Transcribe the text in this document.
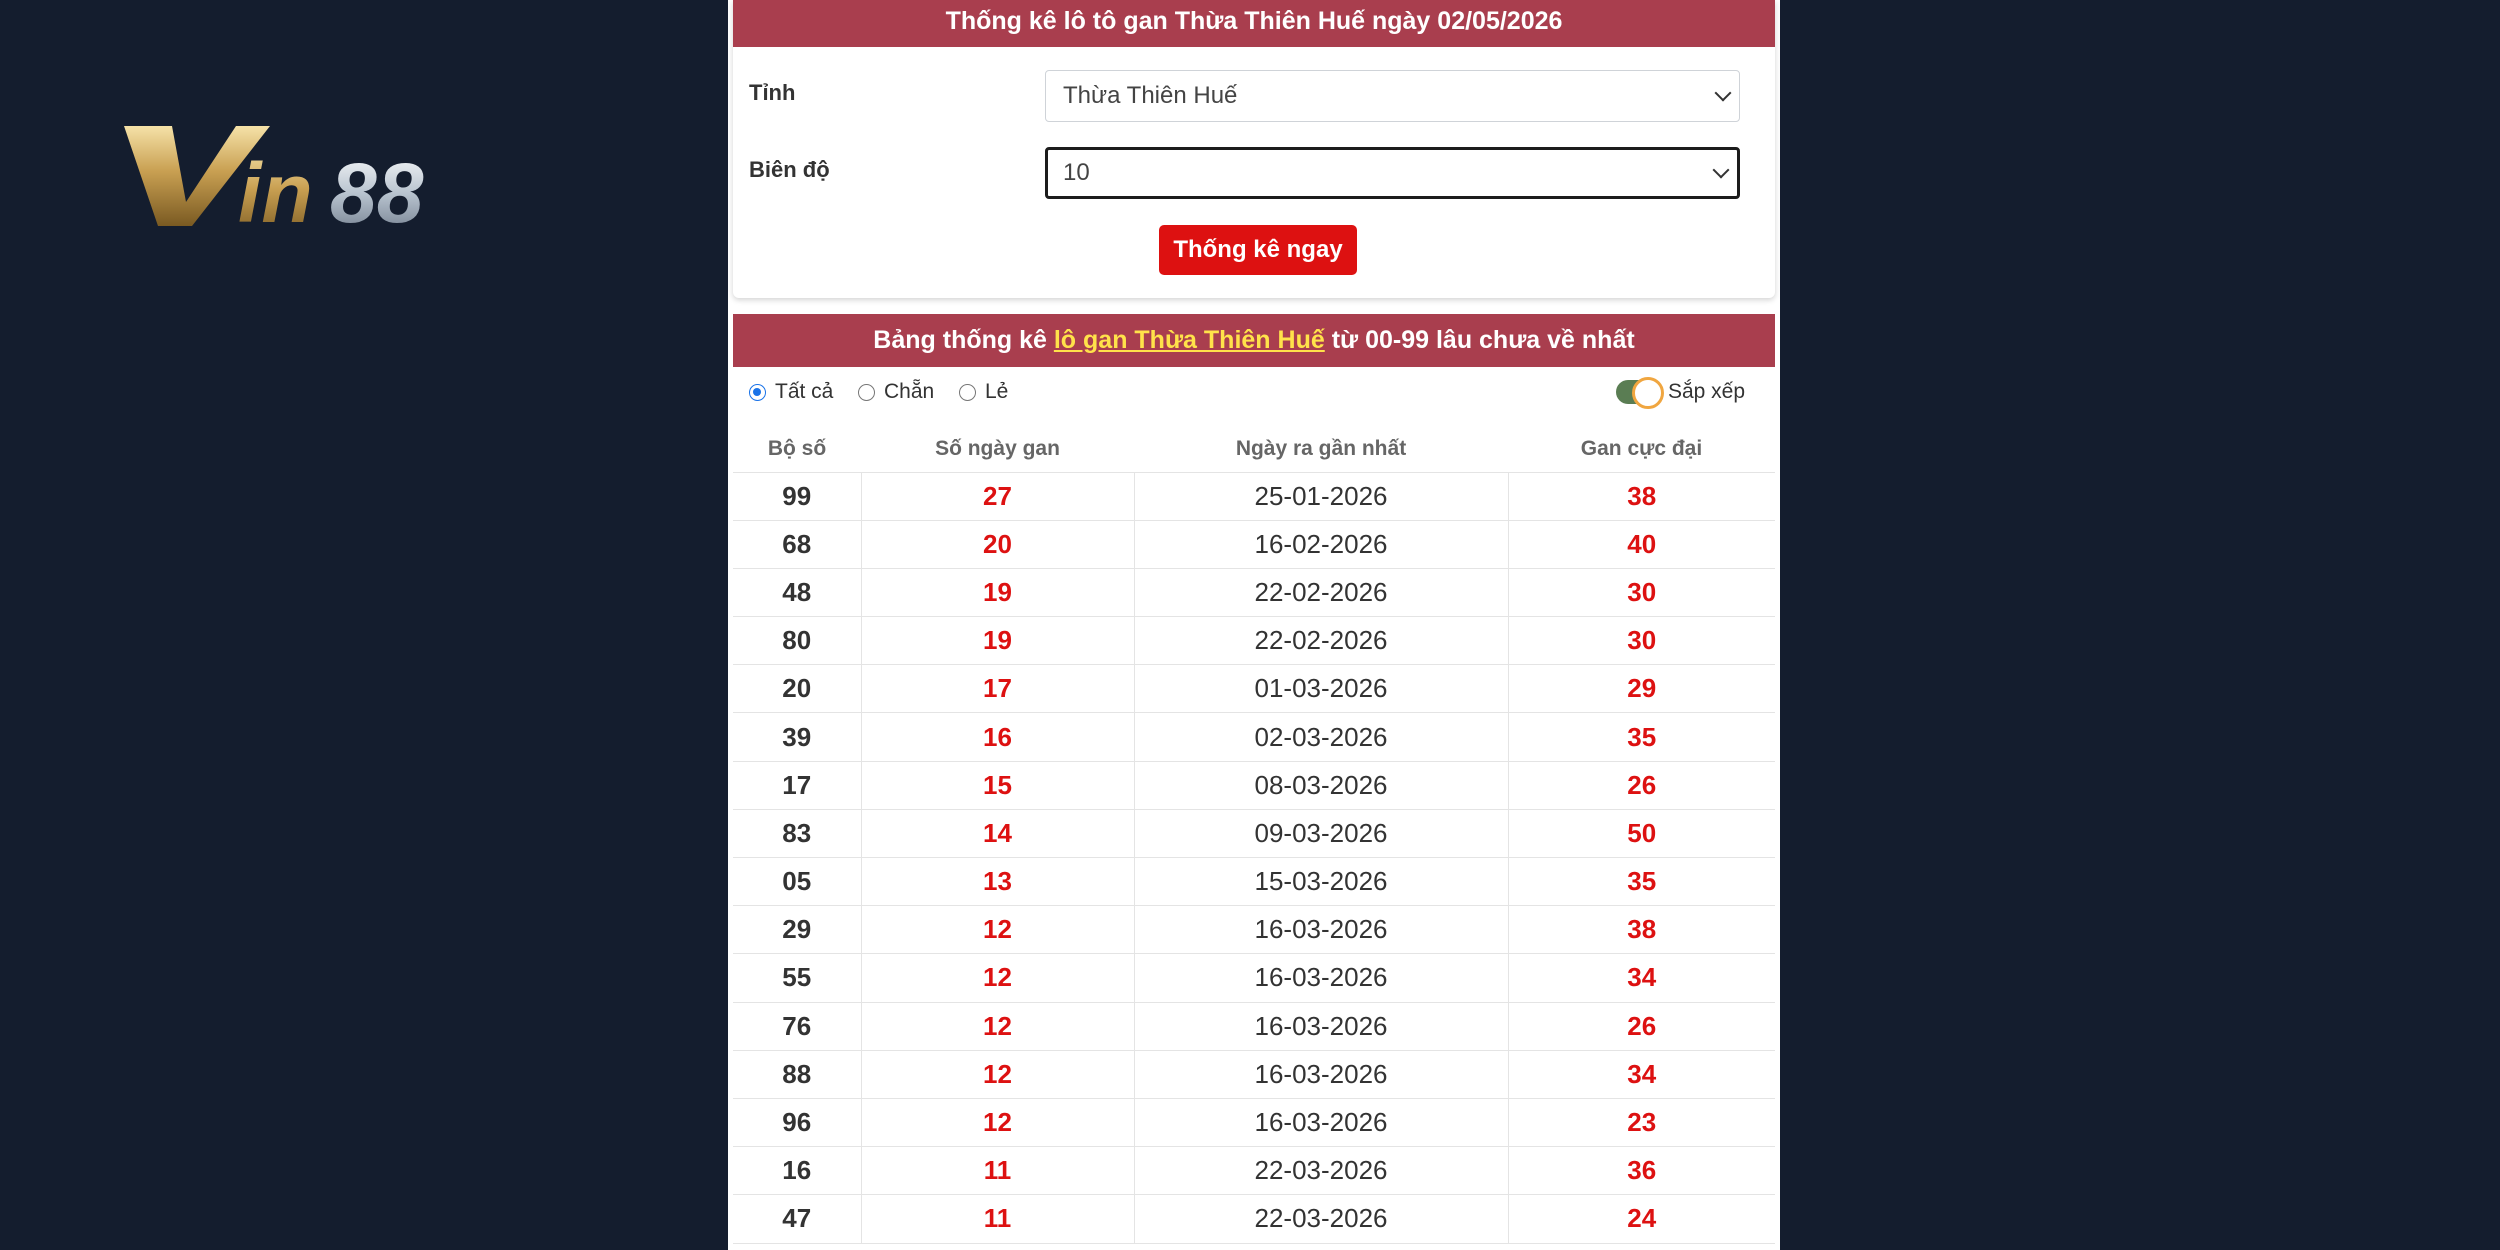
in 88
Thống kê lô tô gan Thừa Thiên Huế ngày 02/05/2026
Tỉnh	Thừa Thiên Huế
Biên độ	10
Thống kê ngay
Bảng thống kê lô gan Thừa Thiên Huế từ 00-99 lâu chưa về nhất
Tất cả Chẵn Lẻ	Sắp xếp
Bộ số	Số ngày gan	Ngày ra gần nhất	Gan cực đại
99	27	25-01-2026	38
68	20	16-02-2026	40
48	19	22-02-2026	30
80	19	22-02-2026	30
20	17	01-03-2026	29
39	16	02-03-2026	35
17	15	08-03-2026	26
83	14	09-03-2026	50
05	13	15-03-2026	35
29	12	16-03-2026	38
55	12	16-03-2026	34
76	12	16-03-2026	26
88	12	16-03-2026	34
96	12	16-03-2026	23
16	11	22-03-2026	36
47	11	22-03-2026	24
